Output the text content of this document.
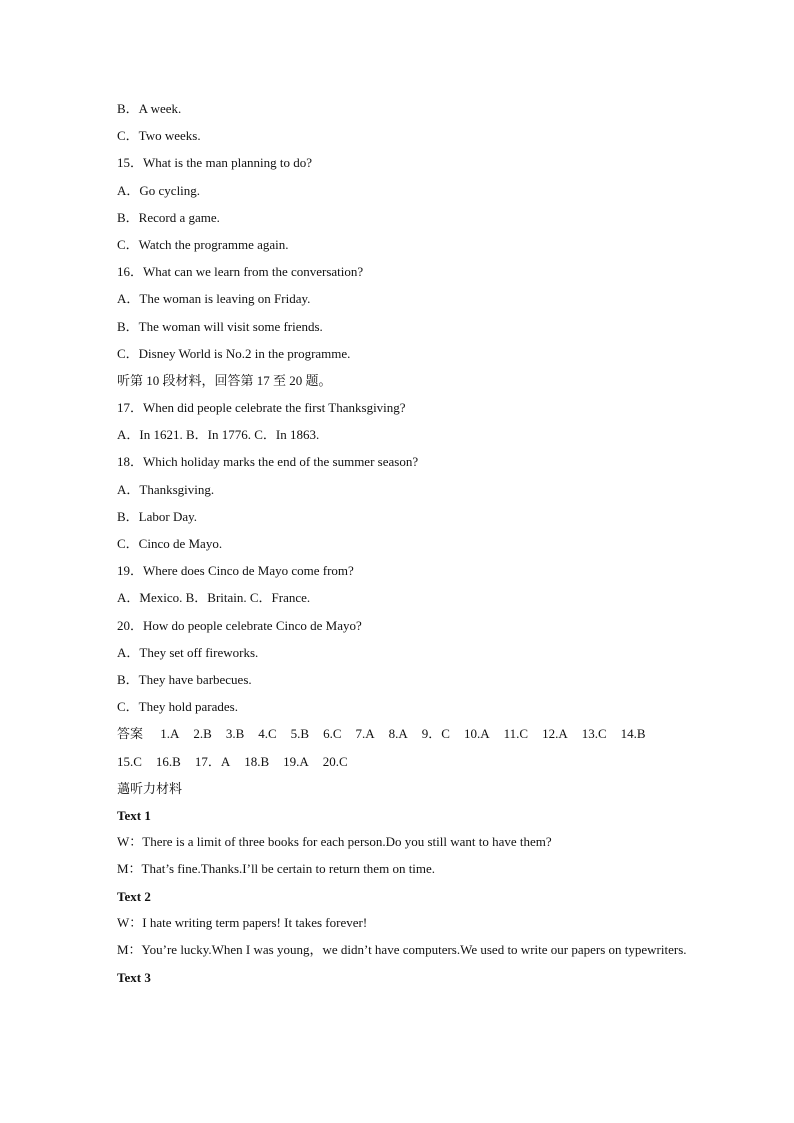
B．A week.
C．Two weeks.
15．What is the man planning to do?
A．Go cycling.
B．Record a game.
C．Watch the programme again.
16．What can we learn from the conversation?
A．The woman is leaving on Friday.
B．The woman will visit some friends.
C．Disney World is No.2 in the programme.
听第 10 段材料，回答第 17 至 20 题。
17．When did people celebrate the first Thanksgiving?
A．In 1621. B．In 1776. C．In 1863.
18．Which holiday marks the end of the summer season?
A．Thanksgiving.
B．Labor Day.
C．Cinco de Mayo.
19．Where does Cinco de Mayo come from?
A．Mexico. B．Britain. C．France.
20．How do people celebrate Cinco de Mayo?
A．They set off fireworks.
B．They have barbecues.
C．They hold parades.
答案 1.A 2.B 3.B 4.C 5.B 6.C 7.A 8.A 9．C 10.A 11.C 12.A 13.C 14.B
15.C 16.B 17．A 18.B 19.A 20.C
薖听力材料
Text 1
W：There is a limit of three books for each person.Do you still want to have them?
M：That’s fine.Thanks.I’ll be certain to return them on time.
Text 2
W：I hate writing term papers! It takes forever!
M：You’re lucky.When I was young，we didn’t have computers.We used to write our papers on typewriters.
Text 3
